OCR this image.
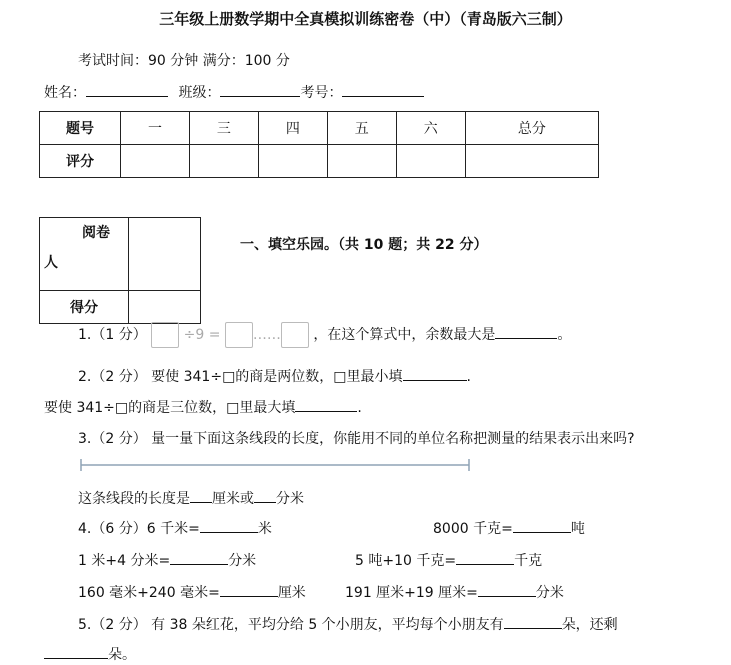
三年级上册数学期中全真模拟训练密卷（中）（青岛版六三制）
考试时间：90 分钟 满分：100 分
姓名：	班级：	考号：
题号	一	三	四	五	六	总分
评分						
阅卷
人	

得分	
一、填空乐园。（共 10 题；共 22 分）
1.（1 分）	÷9 = …… ，在这个算式中，余数最大是	。
2.（2 分） 要使 341÷□的商是两位数，□里最小填	.
要使 341÷□的商是三位数，□里最大填	.
3.（2 分） 量一量下面这条线段的长度，你能用不同的单位名称把测量的结果表示出来吗?
这条线段的长度是 厘米或 分米
4.（6 分）6 千米=	米	8000 千克=	吨
1 米+4 分米=	分米	5 吨+10 千克=	千克
160 毫米+240 毫米=	厘米	191 厘米+19 厘米=	分米
5.（2 分） 有 38 朵红花，平均分给 5 个小朋友，平均每个小朋友有	朵，还剩
朵。
